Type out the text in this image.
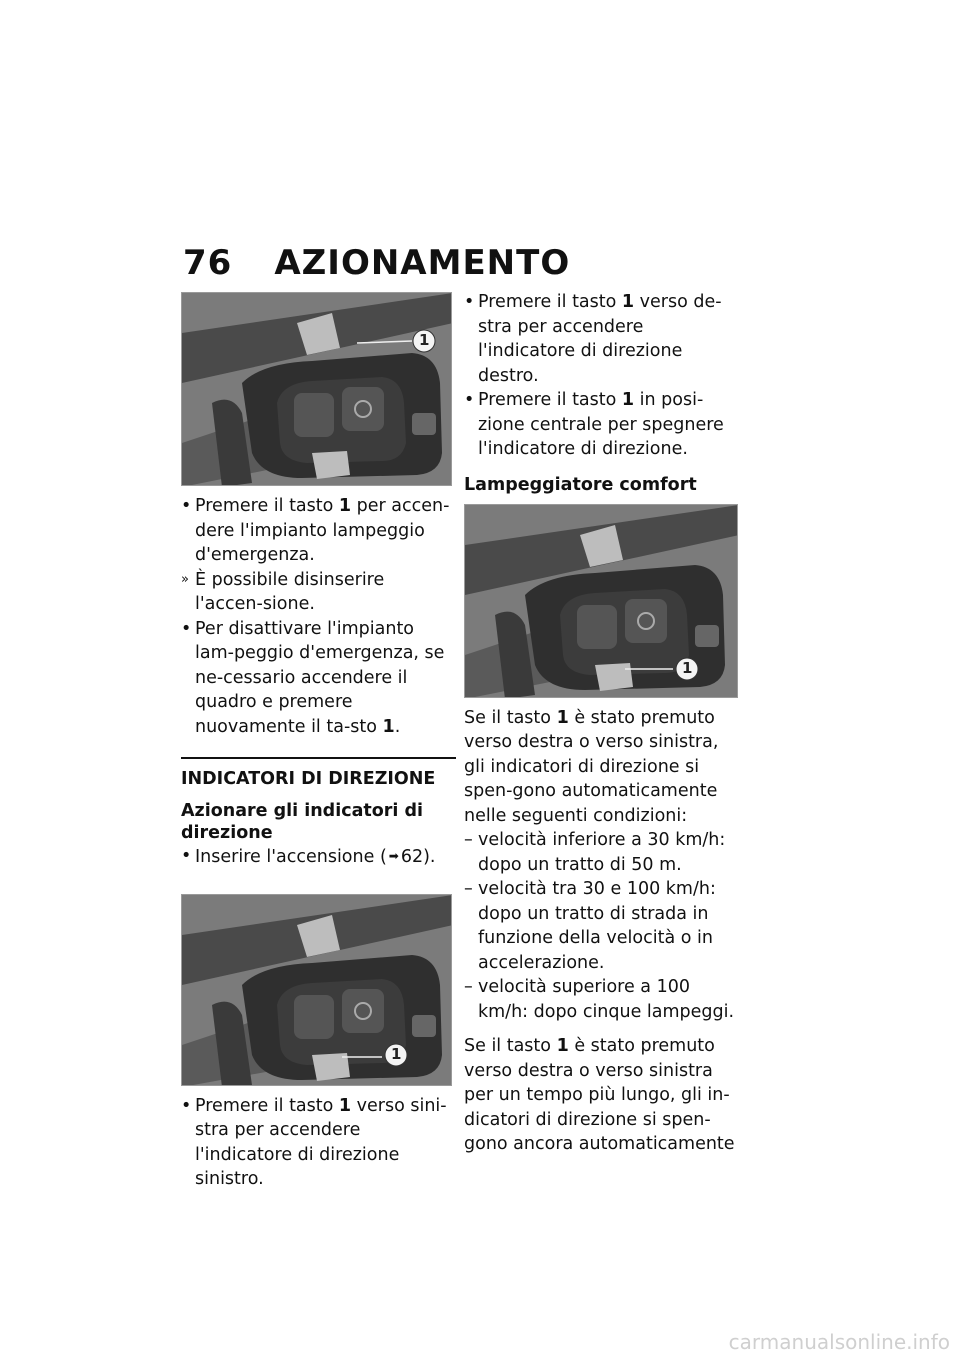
76 AZIONAMENTO
1
• Premere il tasto 1 per accen-dere l'impianto lampeggio d'emergenza.
» È possibile disinserire l'accen-sione.
• Per disattivare l'impianto lam-peggio d'emergenza, se ne-cessario accendere il quadro e premere nuovamente il ta-sto 1.
INDICATORI DI DIREZIONE
Azionare gli indicatori di direzione
• Inserire l'accensione ( ➡ 62).
1
• Premere il tasto 1 verso sini-stra per accendere l'indicatore di direzione sinistro.
• Premere il tasto 1 verso de-stra per accendere l'indicatore di direzione destro.
• Premere il tasto 1 in posi-zione centrale per spegnere l'indicatore di direzione.
Lampeggiatore comfort
1

Se il tasto 1 è stato premuto verso destra o verso sinistra, gli indicatori di direzione si spen-gono automaticamente nelle seguenti condizioni:

– velocità inferiore a 30 km/h: dopo un tratto di 50 m.
– velocità tra 30 e 100 km/h: dopo un tratto di strada in funzione della velocità o in accelerazione.
– velocità superiore a 100 km/h: dopo cinque lampeggi.

Se il tasto 1 è stato premuto verso destra o verso sinistra per un tempo più lungo, gli in-dicatori di direzione si spen-gono ancora automaticamente

carmanualsonline.info
